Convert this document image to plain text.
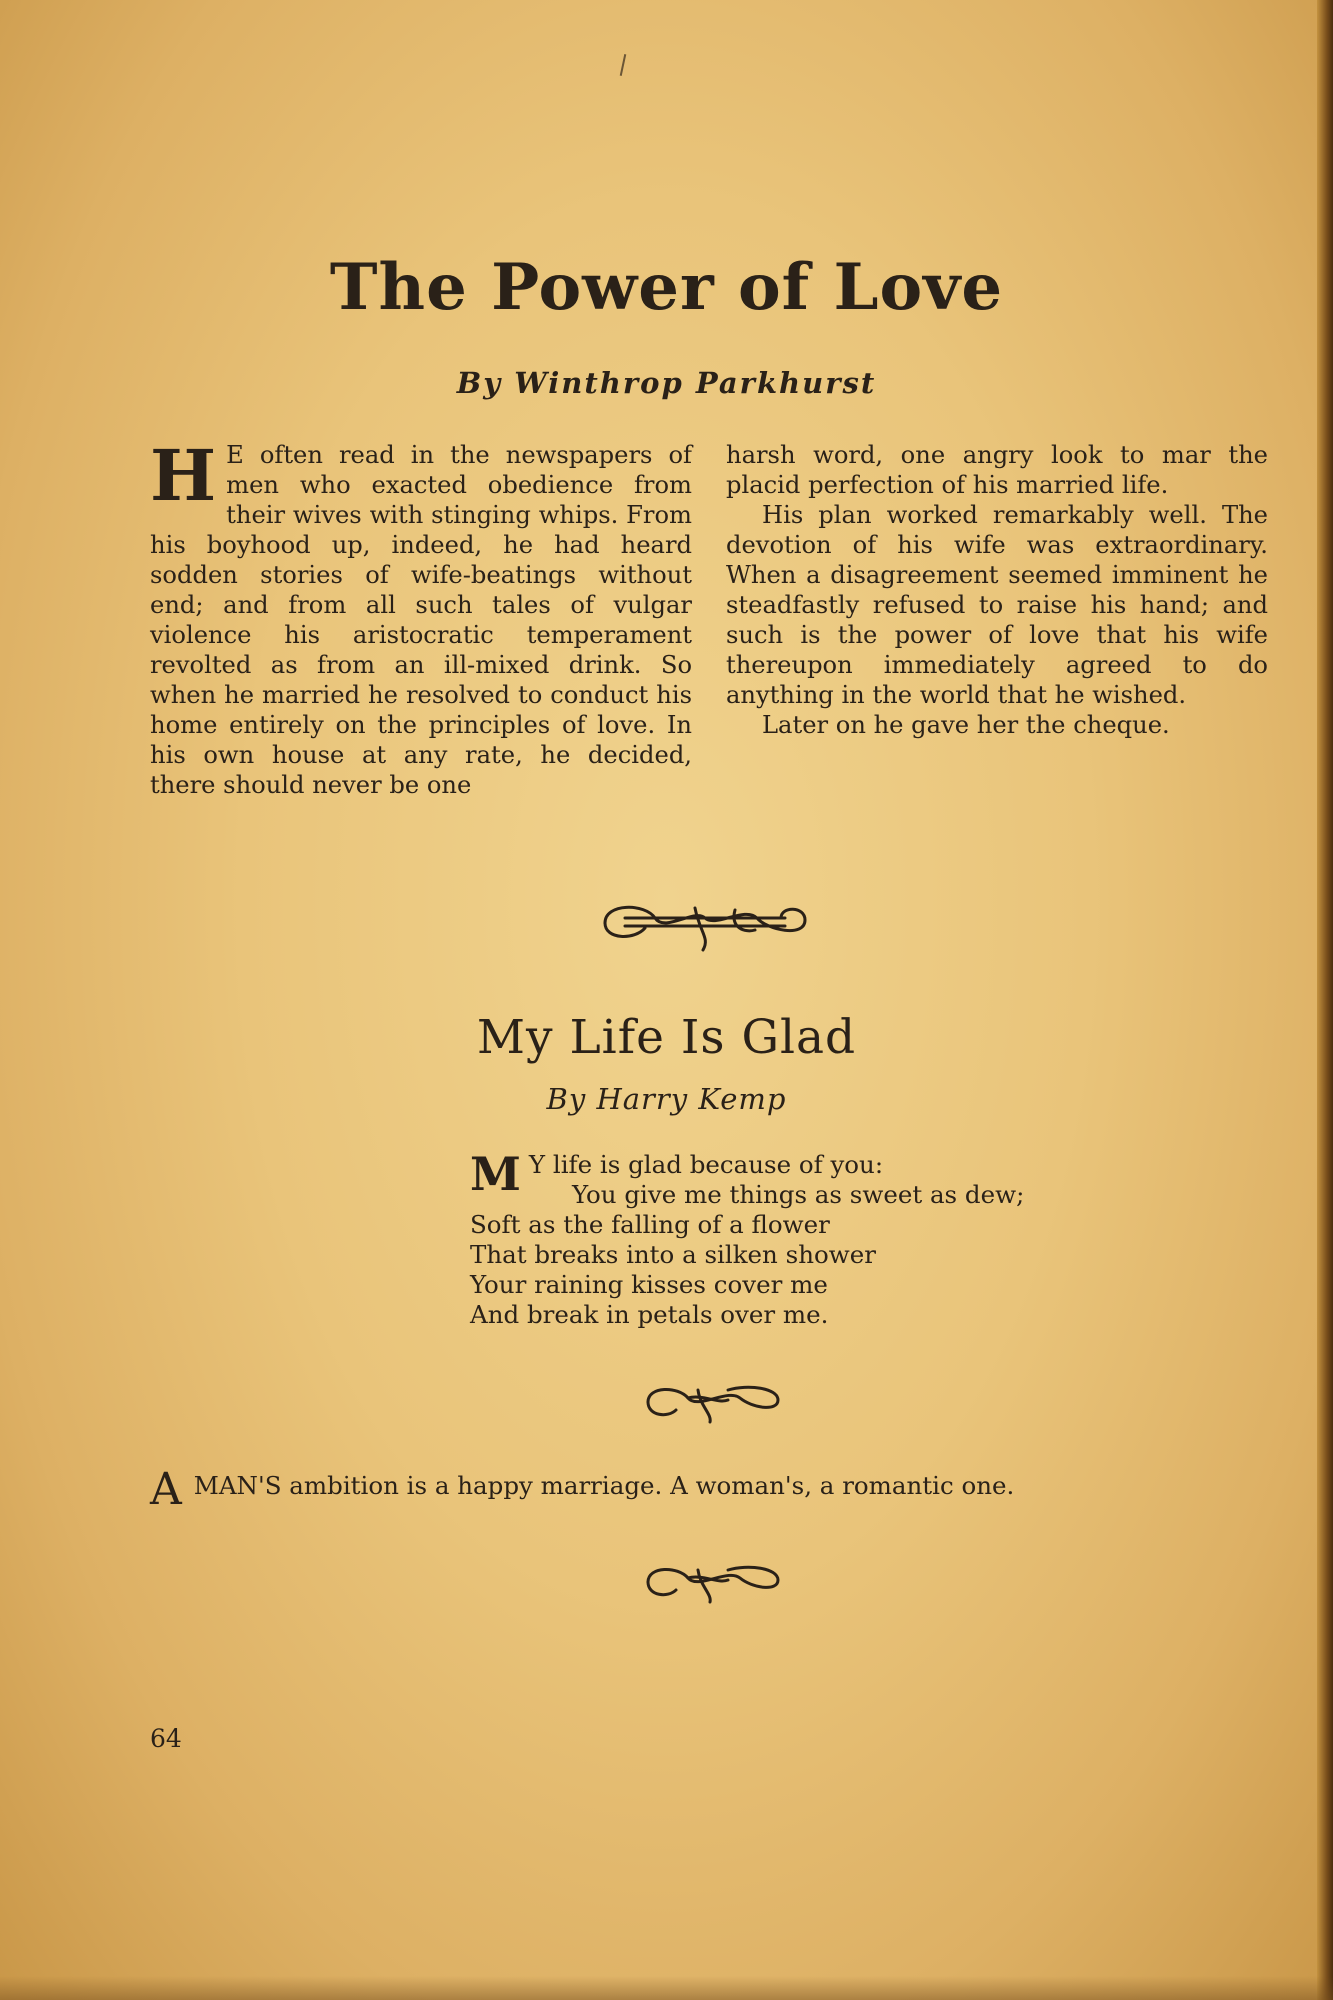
The Power of Love
By Winthrop Parkhurst

H E often read in the newspapers of men who exacted obedience from their wives with stinging whips. From his boyhood up, indeed, he had heard sodden stories of wife-beatings without end; and from all such tales of vulgar violence his aristocratic temperament revolted as from an ill-mixed drink. So when he married he resolved to conduct his home entirely on the principles of love. In his own house at any rate, he decided, there should never be one

harsh word, one angry look to mar the placid perfection of his married life.

His plan worked remarkably well. The devotion of his wife was extraordinary. When a disagreement seemed imminent he steadfastly refused to raise his hand; and such is the power of love that his wife thereupon immediately agreed to do anything in the world that he wished.

Later on he gave her the cheque.

My Life Is Glad
By Harry Kemp
M Y life is glad because of you:
You give me things as sweet as dew;
Soft as the falling of a flower
That breaks into a silken shower
Your raining kisses cover me
And break in petals over me.
AMAN'S ambition is a happy marriage. A woman's, a romantic one.
64
